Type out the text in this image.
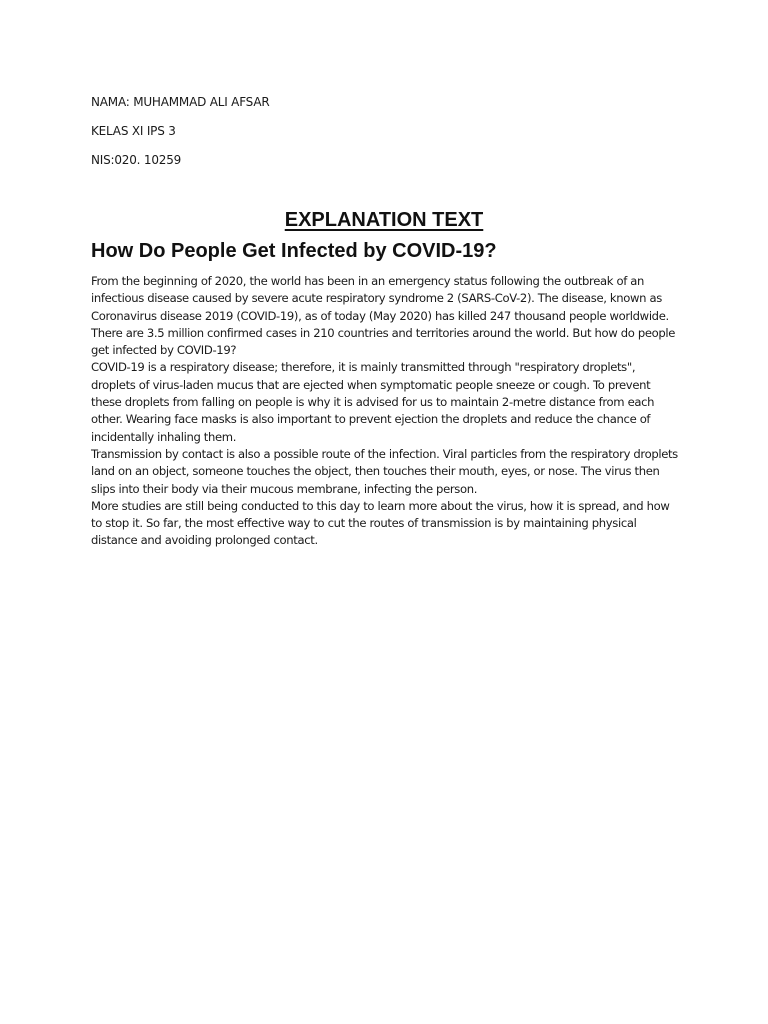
NAMA: MUHAMMAD ALI AFSAR
KELAS XI IPS 3
NIS:020. 10259
EXPLANATION TEXT
How Do People Get Infected by COVID-19?

From the beginning of 2020, the world has been in an emergency status following the outbreak of an infectious disease caused by severe acute respiratory syndrome 2 (SARS-CoV-2). The disease, known as Coronavirus disease 2019 (COVID-19), as of today (May 2020) has killed 247 thousand people worldwide. There are 3.5 million confirmed cases in 210 countries and territories around the world. But how do people get infected by COVID-19?

COVID-19 is a respiratory disease; therefore, it is mainly transmitted through "respiratory droplets", droplets of virus-laden mucus that are ejected when symptomatic people sneeze or cough. To prevent these droplets from falling on people is why it is advised for us to maintain 2-metre distance from each other. Wearing face masks is also important to prevent ejection the droplets and reduce the chance of incidentally inhaling them.

Transmission by contact is also a possible route of the infection. Viral particles from the respiratory droplets land on an object, someone touches the object, then touches their mouth, eyes, or nose. The virus then slips into their body via their mucous membrane, infecting the person.

More studies are still being conducted to this day to learn more about the virus, how it is spread, and how to stop it. So far, the most effective way to cut the routes of transmission is by maintaining physical distance and avoiding prolonged contact.
